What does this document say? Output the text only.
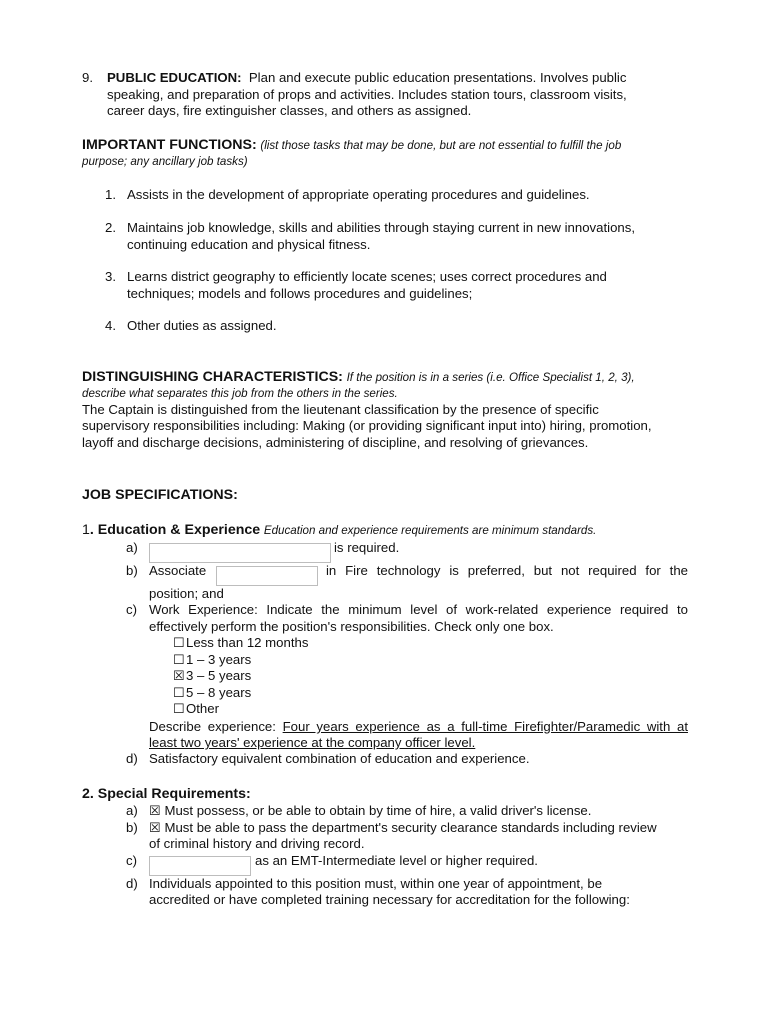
9. PUBLIC EDUCATION: Plan and execute public education presentations. Involves public
speaking, and preparation of props and activities. Includes station tours, classroom visits,
career days, fire extinguisher classes, and others as assigned.
IMPORTANT FUNCTIONS: (list those tasks that may be done, but are not essential to fulfill the job
purpose; any ancillary job tasks)
1. Assists in the development of appropriate operating procedures and guidelines.
2. Maintains job knowledge, skills and abilities through staying current in new innovations,
continuing education and physical fitness.
3. Learns district geography to efficiently locate scenes; uses correct procedures and
techniques; models and follows procedures and guidelines;
4. Other duties as assigned.
DISTINGUISHING CHARACTERISTICS: If the position is in a series (i.e. Office Specialist 1, 2, 3),
describe what separates this job from the others in the series.
The Captain is distinguished from the lieutenant classification by the presence of specific
supervisory responsibilities including: Making (or providing significant input into) hiring, promotion,
layoff and discharge decisions, administering of discipline, and resolving of grievances.
JOB SPECIFICATIONS:
1. Education & Experience Education and experience requirements are minimum standards.
a)	is required.
b) Associate	in Fire technology is preferred, but not required for the
position; and
c) Work Experience: Indicate the minimum level of work-related experience required to
effectively perform the position's responsibilities. Check only one box.
☐Less than 12 months
☐1 – 3 years
☒3 – 5 years
☐5 – 8 years
☐Other
Describe experience: Four years experience as a full-time Firefighter/Paramedic with at
least two years' experience at the company officer level.
d) Satisfactory equivalent combination of education and experience.
2. Special Requirements:
a) ☒ Must possess, or be able to obtain by time of hire, a valid driver's license.
b) ☒ Must be able to pass the department's security clearance standards including review
of criminal history and driving record.
c)	as an EMT-Intermediate level or higher required.
d) Individuals appointed to this position must, within one year of appointment, be
accredited or have completed training necessary for accreditation for the following:
